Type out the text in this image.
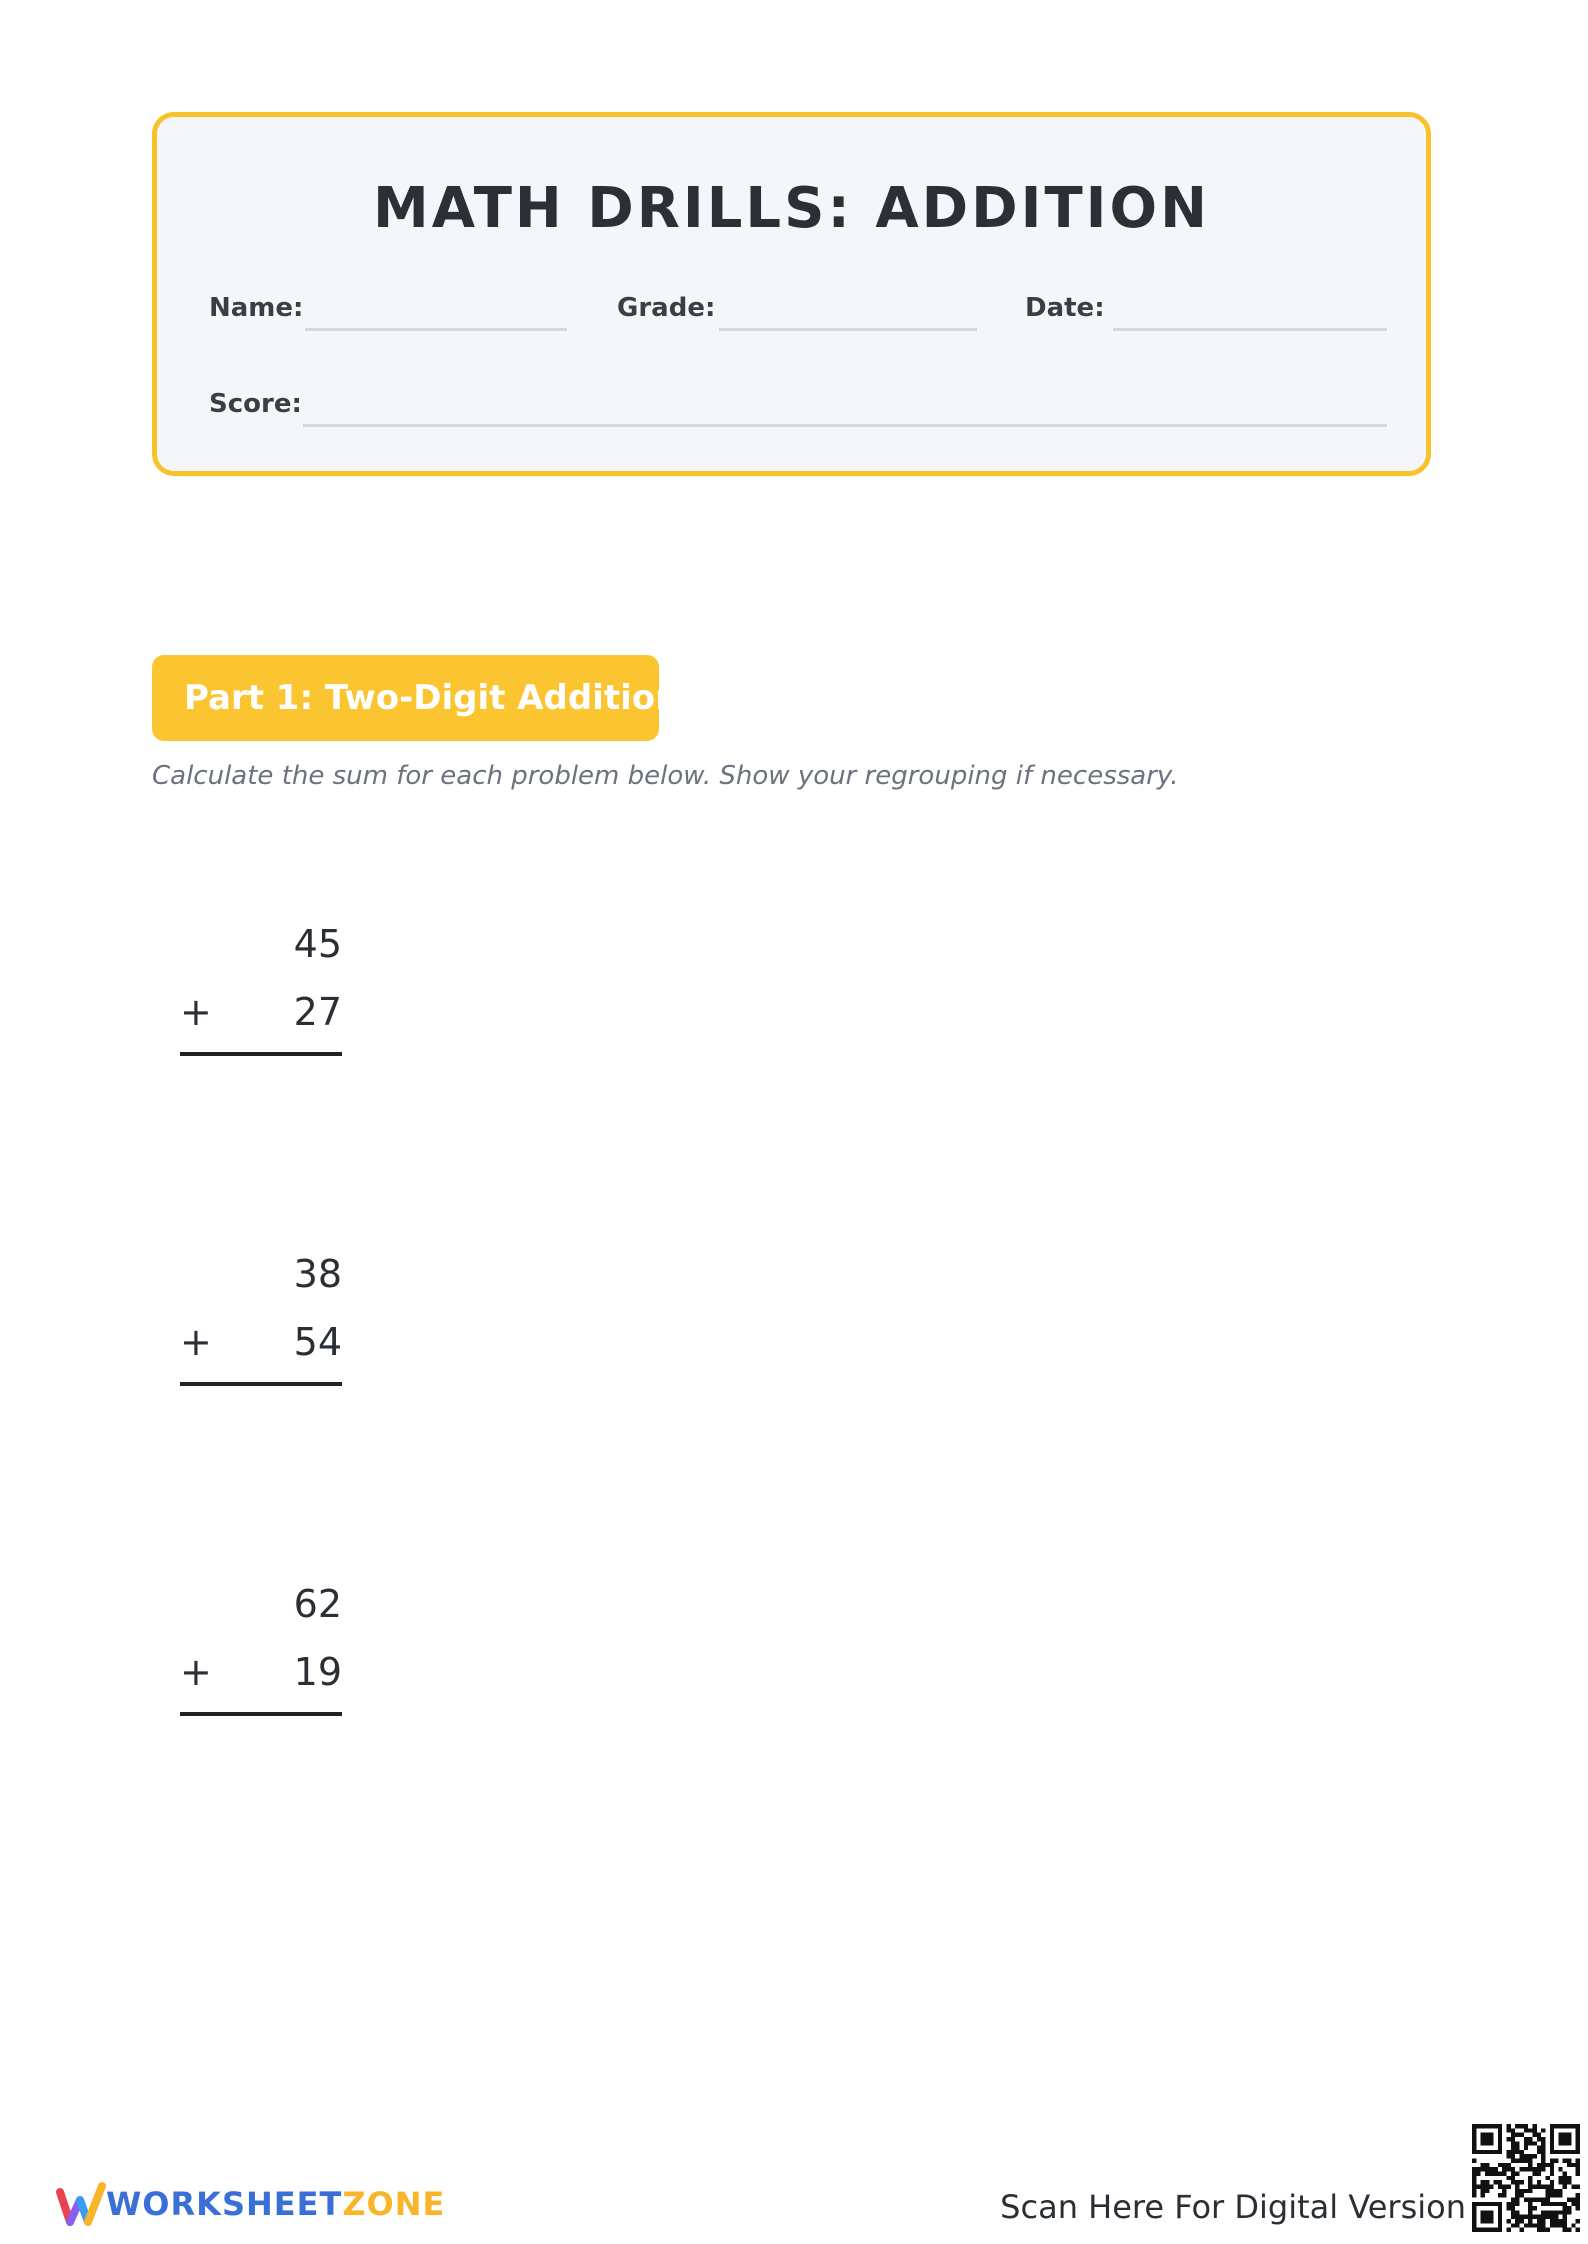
MATH DRILLS: ADDITION
Name:	Grade:	Date:
Score:
Part 1: Two-Digit Addition
Calculate the sum for each problem below. Show your regrouping if necessary.
45
+ 27
38
+ 54
62
+ 19
WORKSHEETZONE	Scan Here For Digital Version
